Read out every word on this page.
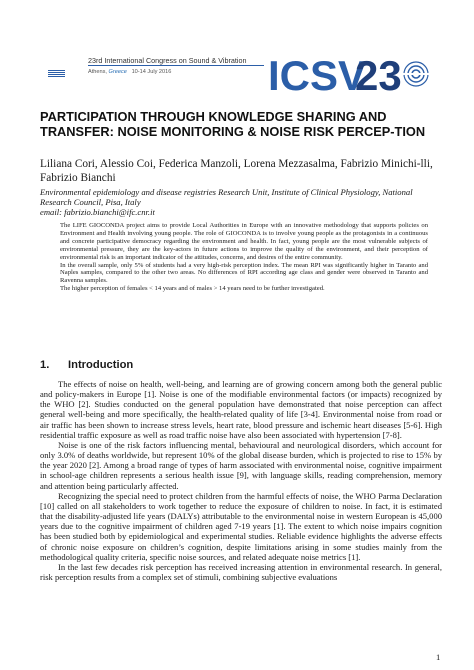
23rd International Congress on Sound & Vibration
Athens, Greece 10-14 July 2016 ICSV
23
PARTICIPATION THROUGH KNOWLEDGE SHARING AND TRANSFER: NOISE MONITORING & NOISE RISK PERCEP-TION
Liliana Cori, Alessio Coi, Federica Manzoli, Lorena Mezzasalma, Fabrizio Minichi-lli, Fabrizio Bianchi
Environmental epidemiology and disease registries Research Unit, Institute of Clinical Physiology, National Research Council, Pisa, Italy
email: fabrizio.bianchi@ifc.cnr.it

The LIFE GIOCONDA project aims to provide Local Authorities in Europe with an innovative methodology that supports policies on Environment and Health involving young people. The role of GIOCONDA is to involve young people as the protagonists in a continuous and concrete participative democracy regarding the environment and health. In fact, young people are the most vulnerable subjects of environmental pressure, they are the key-actors in future actions to improve the quality of the environment, and their perception of environmental risk is an important indicator of the attitudes, concerns, and desires of the entire community.

In the overall sample, only 5% of students had a very high-risk perception index. The mean RPI was significantly higher in Taranto and Naples samples, compared to the other two areas. No differences of RPI according age class and gender were observed in Taranto and Ravenna samples.

The higher perception of females < 14 years and of males > 14 years need to be further investigated.

1. Introduction

The effects of noise on health, well-being, and learning are of growing concern among both the general public and policy-makers in Europe [1]. Noise is one of the modifiable environmental factors (or impacts) recognized by the WHO [2]. Studies conducted on the general population have demonstrated that noise perception can affect general well-being and more specifically, the health-related quality of life [3-4]. Environmental noise from road or air traffic has been shown to increase stress levels, heart rate, blood pressure and ischemic heart diseases [5-6]. High residential traffic exposure as well as road traffic noise have also been associated with hypertension [7-8].

Noise is one of the risk factors influencing mental, behavioural and neurological disorders, which account for only 3.0% of deaths worldwide, but represent 10% of the global disease burden, which is projected to rise to 15% by the year 2020 [2]. Among a broad range of types of harm associated with environmental noise, cognitive impairment in school-age children represents a serious health issue [9], with language skills, reading comprehension, memory and attention being particularly affected.

Recognizing the special need to protect children from the harmful effects of noise, the WHO Parma Declaration [10] called on all stakeholders to work together to reduce the exposure of children to noise. In fact, it is estimated that the disability-adjusted life years (DALYs) attributable to the environmental noise in western European is 45,000 years due to the cognitive impairment of children aged 7-19 years [1]. The extent to which noise impairs cognition has been studied both by epidemiological and experimental studies. Reliable evidence highlights the adverse effects of chronic noise exposure on children’s cognition, despite limitations arising in some studies mainly from the methodological quality criteria, specific noise sources, and related adequate noise metrics [1].

In the last few decades risk perception has received increasing attention in environmental research. In general, risk perception results from a complex set of stimuli, combining subjective evaluations

1
